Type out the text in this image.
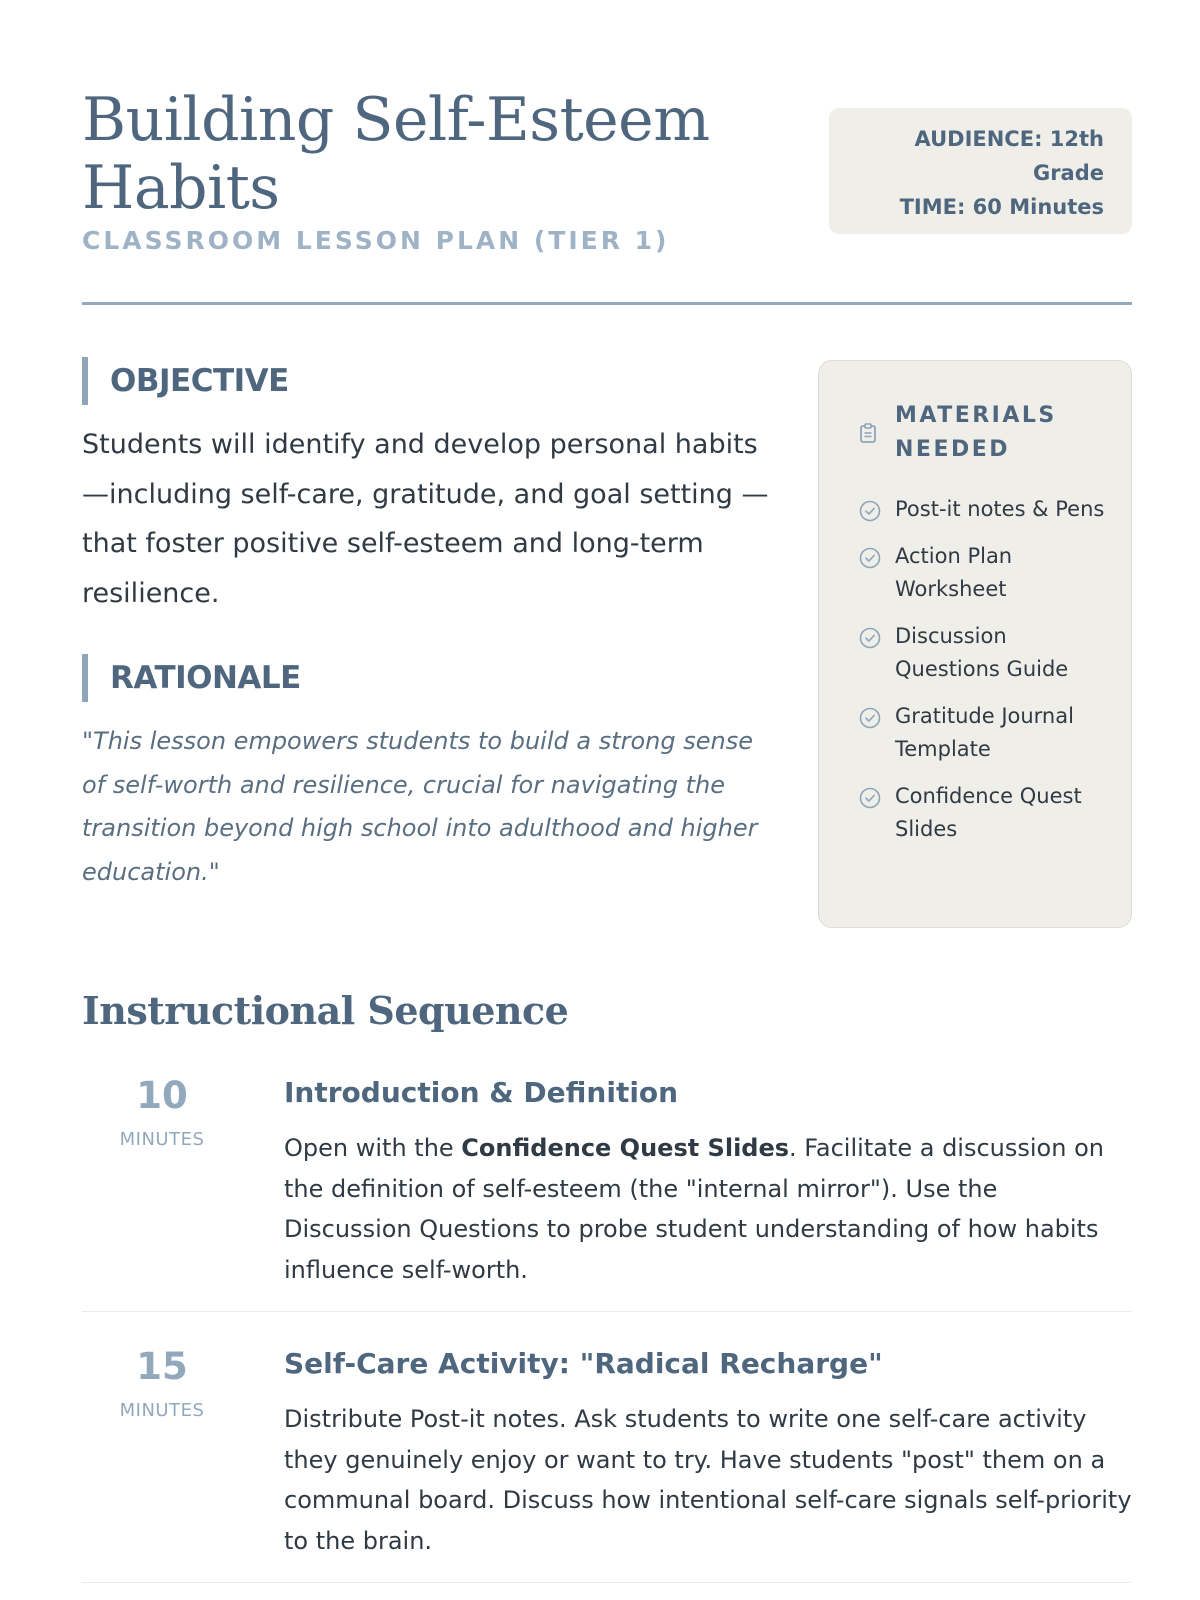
Building Self-Esteem Habits
CLASSROOM LESSON PLAN (TIER 1)
AUDIENCE: 12th Grade
TIME: 60 Minutes
OBJECTIVE

Students will identify and develop personal habits —including self-care, gratitude, and goal setting —that foster positive self-esteem and long-term resilience.

RATIONALE

"This lesson empowers students to build a strong sense of self-worth and resilience, crucial for navigating the transition beyond high school into adulthood and higher education."

MATERIALS NEEDED
Post-it notes & Pens
Action Plan Worksheet
Discussion Questions Guide
Gratitude Journal Template
Confidence Quest Slides
Instructional Sequence
10
MINUTES
Introduction & Definition
Open with the Confidence Quest Slides. Facilitate a discussion on the definition of self-esteem (the "internal mirror"). Use the Discussion Questions to probe student understanding of how habits influence self-worth.
15
MINUTES
Self-Care Activity: "Radical Recharge"
Distribute Post-it notes. Ask students to write one self-care activity they genuinely enjoy or want to try. Have students "post" them on a communal board. Discuss how intentional self-care signals self-priority to the brain.
